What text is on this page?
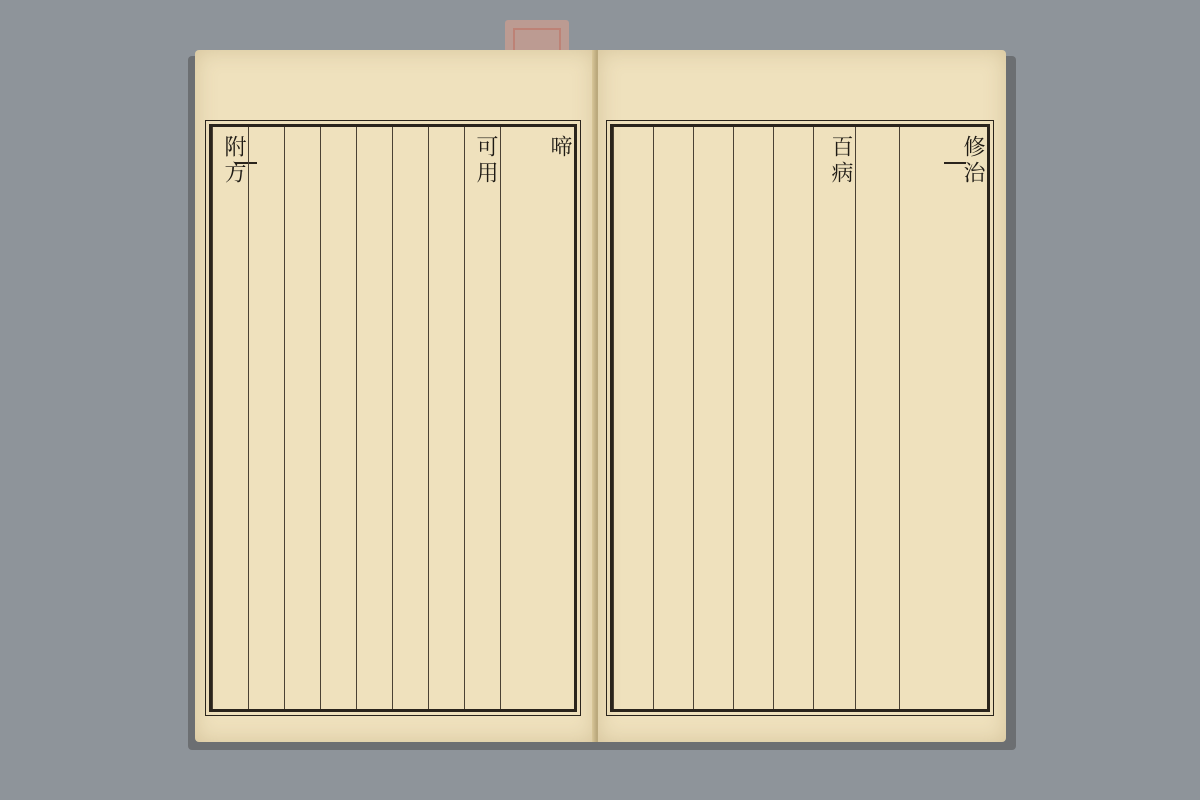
附方	可用	啼	百病	修治
